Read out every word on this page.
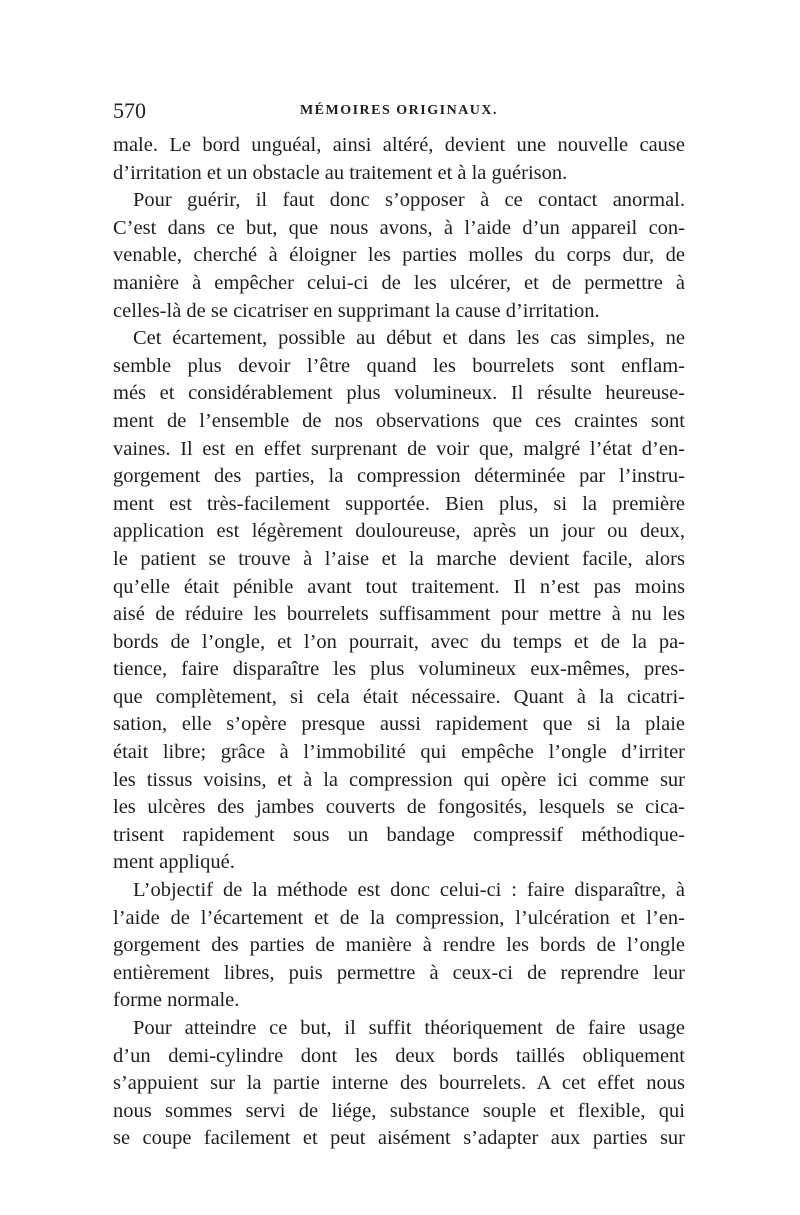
570	MÉMOIRES ORIGINAUX.
male. Le bord unguéal, ainsi altéré, devient une nouvelle cause
d’irritation et un obstacle au traitement et à la guérison.
Pour guérir, il faut donc s’opposer à ce contact anormal.
C’est dans ce but, que nous avons, à l’aide d’un appareil con-
venable, cherché à éloigner les parties molles du corps dur, de
manière à empêcher celui-ci de les ulcérer, et de permettre à
celles-là de se cicatriser en supprimant la cause d’irritation.
Cet écartement, possible au début et dans les cas simples, ne
semble plus devoir l’être quand les bourrelets sont enflam-
més et considérablement plus volumineux. Il résulte heureuse-
ment de l’ensemble de nos observations que ces craintes sont
vaines. Il est en effet surprenant de voir que, malgré l’état d’en-
gorgement des parties, la compression déterminée par l’instru-
ment est très-facilement supportée. Bien plus, si la première
application est légèrement douloureuse, après un jour ou deux,
le patient se trouve à l’aise et la marche devient facile, alors
qu’elle était pénible avant tout traitement. Il n’est pas moins
aisé de réduire les bourrelets suffisamment pour mettre à nu les
bords de l’ongle, et l’on pourrait, avec du temps et de la pa-
tience, faire disparaître les plus volumineux eux-mêmes, pres-
que complètement, si cela était nécessaire. Quant à la cicatri-
sation, elle s’opère presque aussi rapidement que si la plaie
était libre; grâce à l’immobilité qui empêche l’ongle d’irriter
les tissus voisins, et à la compression qui opère ici comme sur
les ulcères des jambes couverts de fongosités, lesquels se cica-
trisent rapidement sous un bandage compressif méthodique-
ment appliqué.
L’objectif de la méthode est donc celui-ci : faire disparaître, à
l’aide de l’écartement et de la compression, l’ulcération et l’en-
gorgement des parties de manière à rendre les bords de l’ongle
entièrement libres, puis permettre à ceux-ci de reprendre leur
forme normale.
Pour atteindre ce but, il suffit théoriquement de faire usage
d’un demi-cylindre dont les deux bords taillés obliquement
s’appuient sur la partie interne des bourrelets. A cet effet nous
nous sommes servi de liége, substance souple et flexible, qui
se coupe facilement et peut aisément s’adapter aux parties sur
